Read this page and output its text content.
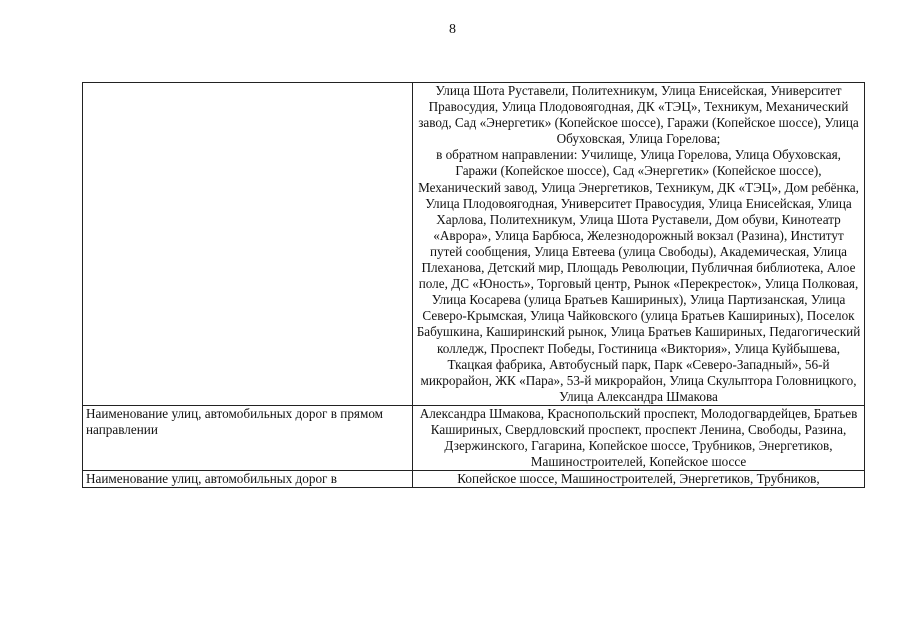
8

	Улица Шота Руставели, Политехникум, Улица Енисейская, Университет Правосудия, Улица Плодовоягодная, ДК «ТЭЦ», Техникум, Механический завод, Сад «Энергетик» (Копейское шоссе), Гаражи (Копейское шоссе), Улица Обуховская, Улица Горелова;

в обратном направлении: Училище, Улица Горелова, Улица Обуховская, Гаражи (Копейское шоссе), Сад «Энергетик» (Копейское шоссе), Механический завод, Улица Энергетиков, Техникум, ДК «ТЭЦ», Дом ребёнка, Улица Плодовоягодная, Университет Правосудия, Улица Енисейская, Улица Харлова, Политехникум, Улица Шота Руставели, Дом обуви, Кинотеатр «Аврора», Улица Барбюса, Железнодорожный вокзал (Разина), Институт путей сообщения, Улица Евтеева (улица Свободы), Академическая, Улица Плеханова, Детский мир, Площадь Революции, Публичная библиотека, Алое поле, ДС «Юность», Торговый центр, Рынок «Перекресток», Улица Полковая, Улица Косарева (улица Братьев Кашириных), Улица Партизанская, Улица Северо-Крымская, Улица Чайковского (улица Братьев Кашириных), Поселок Бабушкина, Каширинский рынок, Улица Братьев Кашириных, Педагогический колледж, Проспект Победы, Гостиница «Виктория», Улица Куйбышева, Ткацкая фабрика, Автобусный парк, Парк «Северо-Западный», 56-й микрорайон, ЖК «Пара», 53-й микрорайон, Улица Скульптора Головницкого, Улица Александра Шмакова

Наименование улиц, автомобильных дорог в прямом направлении	Александра Шмакова, Краснопольский проспект, Молодогвардейцев, Братьев Кашириных, Свердловский проспект, проспект Ленина, Свободы, Разина, Дзержинского, Гагарина, Копейское шоссе, Трубников, Энергетиков, Машиностроителей, Копейское шоссе

Наименование улиц, автомобильных дорог в	Копейское шоссе, Машиностроителей, Энергетиков, Трубников,
